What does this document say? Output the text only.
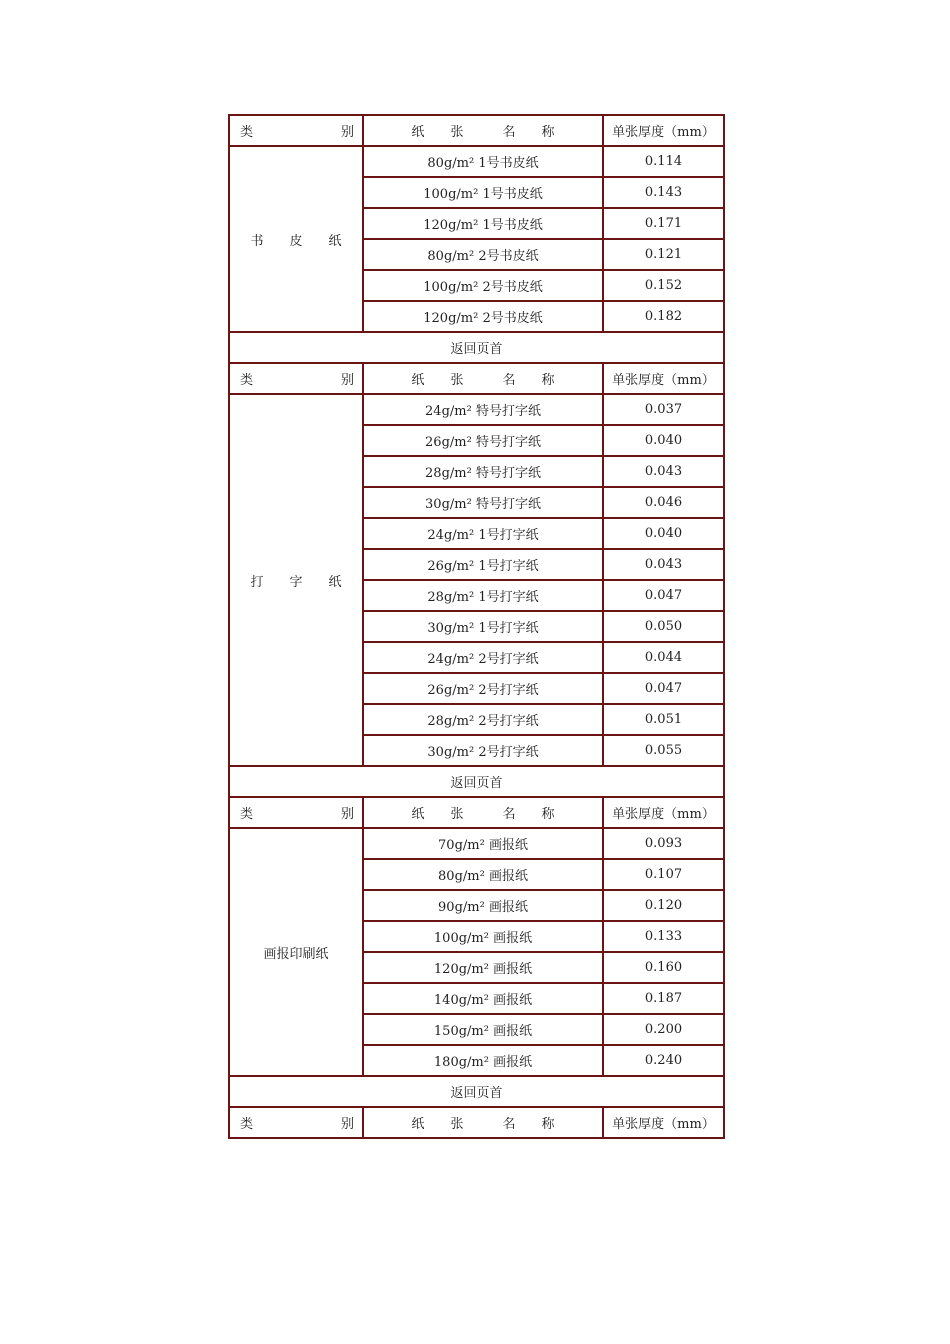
类 别	纸　　张　　　名　　称	单张厚度（mm）
书　　皮　　纸	80g/m² 1号书皮纸	0.114
	100g/m² 1号书皮纸	0.143
	120g/m² 1号书皮纸	0.171
	80g/m² 2号书皮纸	0.121
	100g/m² 2号书皮纸	0.152
	120g/m² 2号书皮纸	0.182
返回页首		

类 别	纸　　张　　　名　　称	单张厚度（mm）
打　　字　　纸	24g/m² 特号打字纸	0.037
	26g/m² 特号打字纸	0.040
	28g/m² 特号打字纸	0.043
	30g/m² 特号打字纸	0.046
	24g/m² 1号打字纸	0.040
	26g/m² 1号打字纸	0.043
	28g/m² 1号打字纸	0.047
	30g/m² 1号打字纸	0.050
	24g/m² 2号打字纸	0.044
	26g/m² 2号打字纸	0.047
	28g/m² 2号打字纸	0.051
	30g/m² 2号打字纸	0.055
返回页首		

类 别	纸　　张　　　名　　称	单张厚度（mm）
画报印刷纸	70g/m² 画报纸	0.093
	80g/m² 画报纸	0.107
	90g/m² 画报纸	0.120
	100g/m² 画报纸	0.133
	120g/m² 画报纸	0.160
	140g/m² 画报纸	0.187
	150g/m² 画报纸	0.200
	180g/m² 画报纸	0.240
返回页首		

类 别	纸　　张　　　名　　称	单张厚度（mm）
